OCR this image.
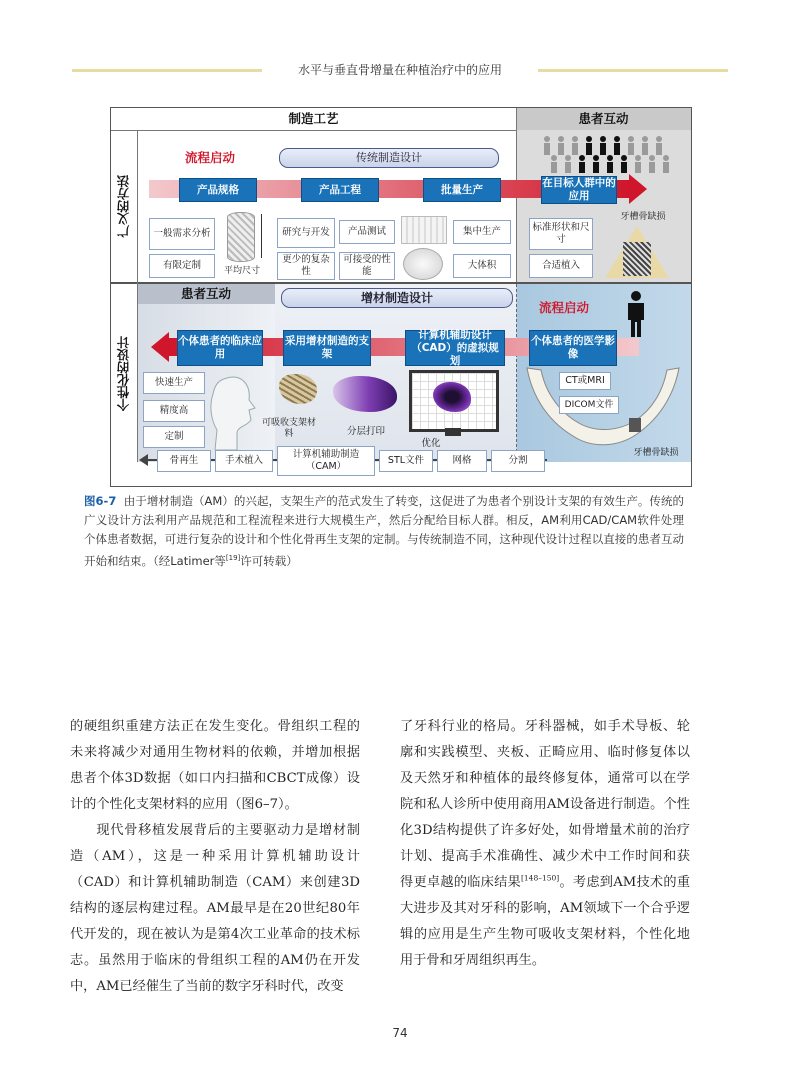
水平与垂直骨增量在种植治疗中的应用
制造工艺	患者互动
广义的方法
个性化的设计
流程启动	传统制造设计
产品规格	产品工程	批量生产
在目标人群中的应用
一般需求分析
有限定制	平均尺寸
研究与开发
更少的复杂性
产品测试
可接受的性能
集中生产
大体积
标准形状和尺寸
合适植入
牙槽骨缺损
患者互动	增材制造设计
流程启动
个体患者的临床应用
采用增材制造的支架
计算机辅助设计（CAD）的虚拟规划
个体患者的医学影像
快速生产
精度高
定制
可吸收支架材料	分层打印
优化
CT或MRI
DICOM文件
牙槽骨缺损
骨再生	手术植入
计算机辅助制造（CAM）
STL文件	网格	分割
图6-7 由于增材制造（AM）的兴起，支架生产的范式发生了转变，这促进了为患者个别设计支架的有效生产。传统的广义设计方法利用产品规范和工程流程来进行大规模生产，然后分配给目标人群。相反，AM利用CAD/CAM软件处理个体患者数据，可进行复杂的设计和个性化骨再生支架的定制。与传统制造不同，这种现代设计过程以直接的患者互动开始和结束。（经Latimer等[19]许可转载）

的硬组织重建方法正在发生变化。骨组织工程的未来将减少对通用生物材料的依赖，并增加根据患者个体3D数据（如口内扫描和CBCT成像）设计的个性化支架材料的应用（图6–7）。

现代骨移植发展背后的主要驱动力是增材制造（AM），这是一种采用计算机辅助设计（CAD）和计算机辅助制造（CAM）来创建3D结构的逐层构建过程。AM最早是在20世纪80年代开发的，现在被认为是第4次工业革命的技术标志。虽然用于临床的骨组织工程的AM仍在开发中，AM已经催生了当前的数字牙科时代，改变

了牙科行业的格局。牙科器械，如手术导板、轮廓和实践模型、夹板、正畸应用、临时修复体以及天然牙和种植体的最终修复体，通常可以在学院和私人诊所中使用商用AM设备进行制造。个性化3D结构提供了许多好处，如骨增量术前的治疗计划、提高手术准确性、减少术中工作时间和获得更卓越的临床结果[148–150]。考虑到AM技术的重大进步及其对牙科的影响，AM领域下一个合乎逻辑的应用是生产生物可吸收支架材料，个性化地用于骨和牙周组织再生。

74
